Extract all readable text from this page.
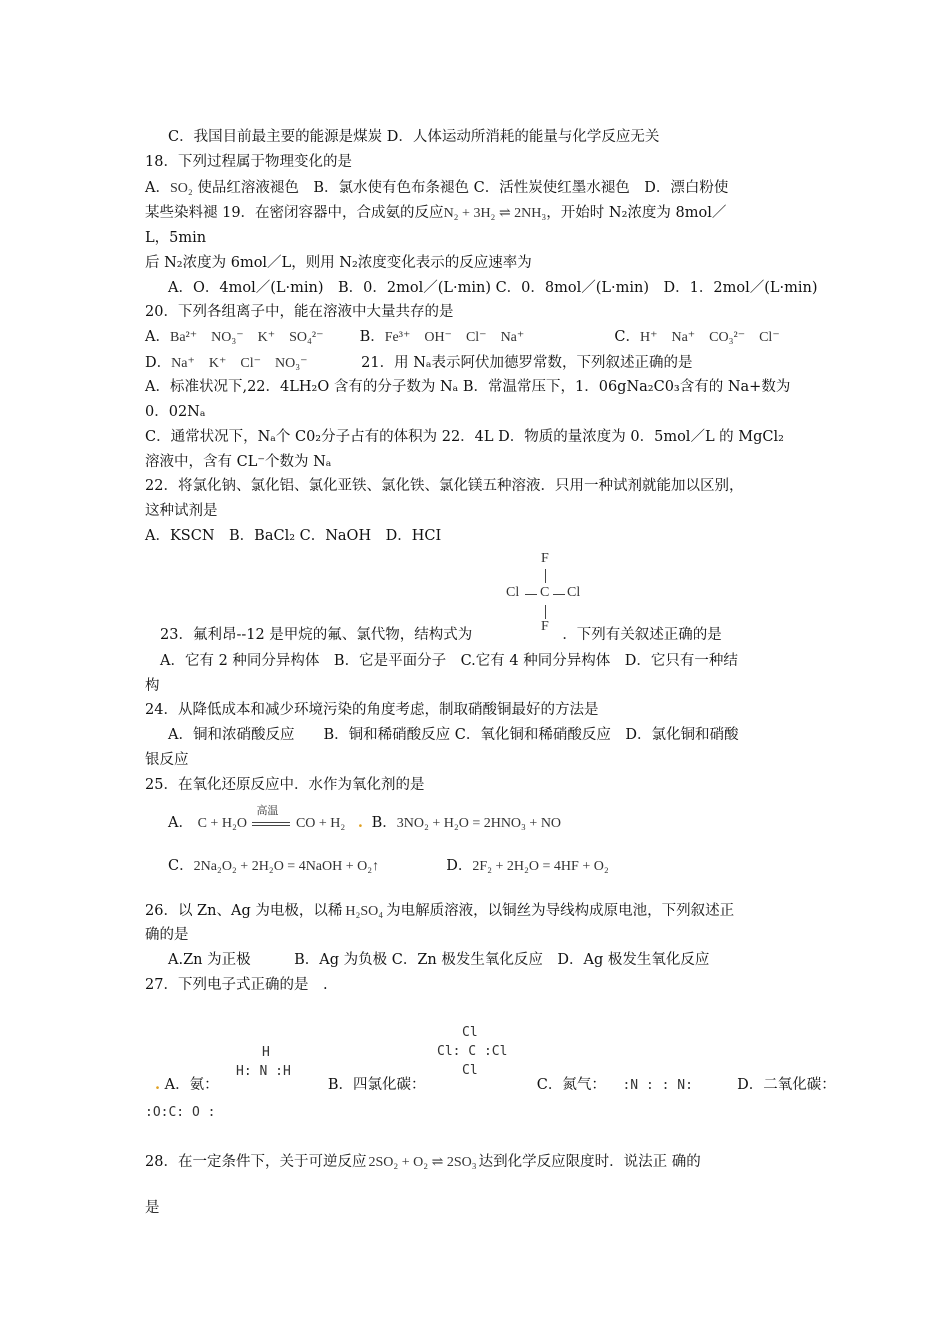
C．我国目前最主要的能源是煤炭 D．人体运动所消耗的能量与化学反应无关
18．下列过程属于物理变化的是
A．SO₂ 使品红溶液褪色　B．氯水使有色布条褪色 C．活性炭使红墨水褪色　D．漂白粉使
某些染料褪 19．在密闭容器中，合成氨的反应N₂ + 3H₂ ⇌ 2NH₃，开始时 N₂浓度为 8mol／
L，5min
后 N₂浓度为 6mol／L，则用 N₂浓度变化表示的反应速率为
A．O．4mol／(L·min)　B．0．2mol／(L·min) C．0．8mol／(L·min)　D．1．2mol／(L·min)
20．下列各组离子中，能在溶液中大量共存的是
A．Ba²⁺　NO₃⁻　K⁺　SO₄²⁻ B．Fe³⁺　OH⁻　Cl⁻　Na⁺	C．H⁺　Na⁺　CO₃²⁻　Cl⁻
D．Na⁺　K⁺　Cl⁻　NO₃⁻	21．用 Nₐ表示阿伏加德罗常数，下列叙述正确的是
A．标准状况下,22．4LH₂O 含有的分子数为 Nₐ B．常温常压下，1．06gNa₂C0₃含有的 Na+数为
0．02Nₐ
C．通常状况下，Nₐ个 C0₂分子占有的体积为 22．4L D．物质的量浓度为 0．5mol／L 的 MgCl₂
溶液中，含有 CL⁻个数为 Nₐ
22．将氯化钠、氯化铝、氯化亚铁、氯化铁、氯化镁五种溶液．只用一种试剂就能加以区别，
这种试剂是
A．KSCN　B．BaCl₂ C．NaOH　D．HCI
F
Cl C Cl
F
23．氟利昂--12 是甲烷的氟、氯代物，结构式为	．下列有关叙述正确的是
A．它有 2 种同分异构体　B．它是平面分子　C.它有 4 种同分异构体　D．它只有一种结
构
24．从降低成本和减少环境污染的角度考虑，制取硝酸铜最好的方法是
A．铜和浓硝酸反应　　B．铜和稀硝酸反应 C．氧化铜和稀硝酸反应　D．氯化铜和硝酸
银反应
25．在氧化还原反应中．水作为氧化剂的是
A． C + H₂O
高温
CO + H₂ . B．3NO₂ + H₂O = 2HNO₃ + NO
C．2Na₂O₂ + 2H₂O = 4NaOH + O₂↑	D．2F₂ + 2H₂O = 4HF + O₂
26．以 Zn、Ag 为电极，以稀 H₂SO₄ 为电解质溶液，以铜丝为导线构成原电池，下列叙述正
确的是
A.Zn 为正极　　　B．Ag 为负极 C．Zn 极发生氧化反应　D．Ag 极发生氧化反应
27．下列电子式正确的是　.
H
H: N :H
Cl
Cl: C :Cl
Cl
. A．氨：	B．四氯化碳：	C．氮气： :N : : N:	D．二氧化碳：
:O:C: O :
28．在一定条件下，关于可逆反应 2SO₂ + O₂ ⇌ 2SO₃ 达到化学反应限度时．说法正 确的
是
